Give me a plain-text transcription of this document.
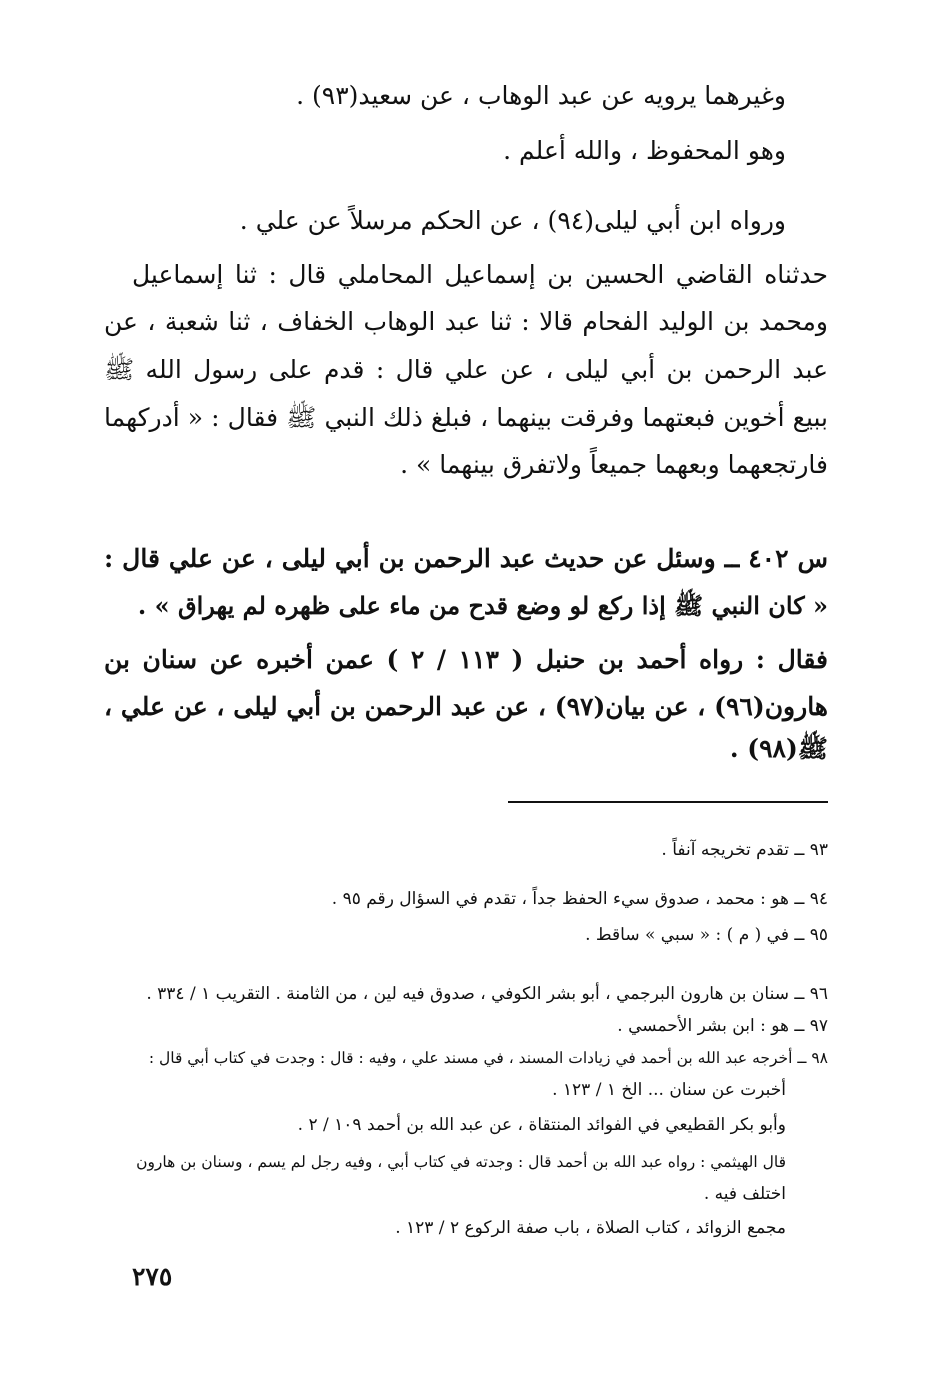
وغيرهما يرويه عن عبد الوهاب ، عن سعيد(٩٣) .
وهو المحفوظ ، والله أعلم .
ورواه ابن أبي ليلى(٩٤) ، عن الحكم مرسلاً عن علي .
حدثناه القاضي الحسين بن إسماعيل المحاملي قال : ثنا إسماعيل
ومحمد بن الوليد الفحام قالا : ثنا عبد الوهاب الخفاف ، ثنا شعبة ، عن
عبد الرحمن بن أبي ليلى ، عن علي قال : قدم على رسول الله ﷺ
ببيع أخوين فبعتهما وفرقت بينهما ، فبلغ ذلك النبي ﷺ فقال : « أدركهما
فارتجعهما وبعهما جميعاً ولاتفرق بينهما » .
س ٤٠٢ ــ وسئل عن حديث عبد الرحمن بن أبي ليلى ، عن علي قال :
« كان النبي ﷺ إذا ركع لو وضع قدح من ماء على ظهره لم يهراق » .
فقال : رواه أحمد بن حنبل ( ١١٣ / ٢ ) عمن أخبره عن سنان بن
هارون(٩٦) ، عن بيان(٩٧) ، عن عبد الرحمن بن أبي ليلى ، عن علي ،
ﷺ(٩٨) .
٩٣ ــ تقدم تخريجه آنفاً .
٩٤ ــ هو : محمد ، صدوق سيء الحفظ جداً ، تقدم في السؤال رقم ٩٥ .
٩٥ ــ في ( م ) : « سبي » ساقط .
٩٦ ــ سنان بن هارون البرجمي ، أبو بشر الكوفي ، صدوق فيه لين ، من الثامنة . التقريب ١ / ٣٣٤ .
٩٧ ــ هو : ابن بشر الأحمسي .
٩٨ ــ أخرجه عبد الله بن أحمد في زيادات المسند ، في مسند علي ، وفيه : قال : وجدت في كتاب أبي قال :
أخبرت عن سنان ... الخ ١ / ١٢٣ .
وأبو بكر القطيعي في الفوائد المنتقاة ، عن عبد الله بن أحمد ١٠٩ / ٢ .
قال الهيثمي : رواه عبد الله بن أحمد قال : وجدته في كتاب أبي ، وفيه رجل لم يسم ، وسنان بن هارون
اختلف فيه .
مجمع الزوائد ، كتاب الصلاة ، باب صفة الركوع ٢ / ١٢٣ .
٢٧٥
